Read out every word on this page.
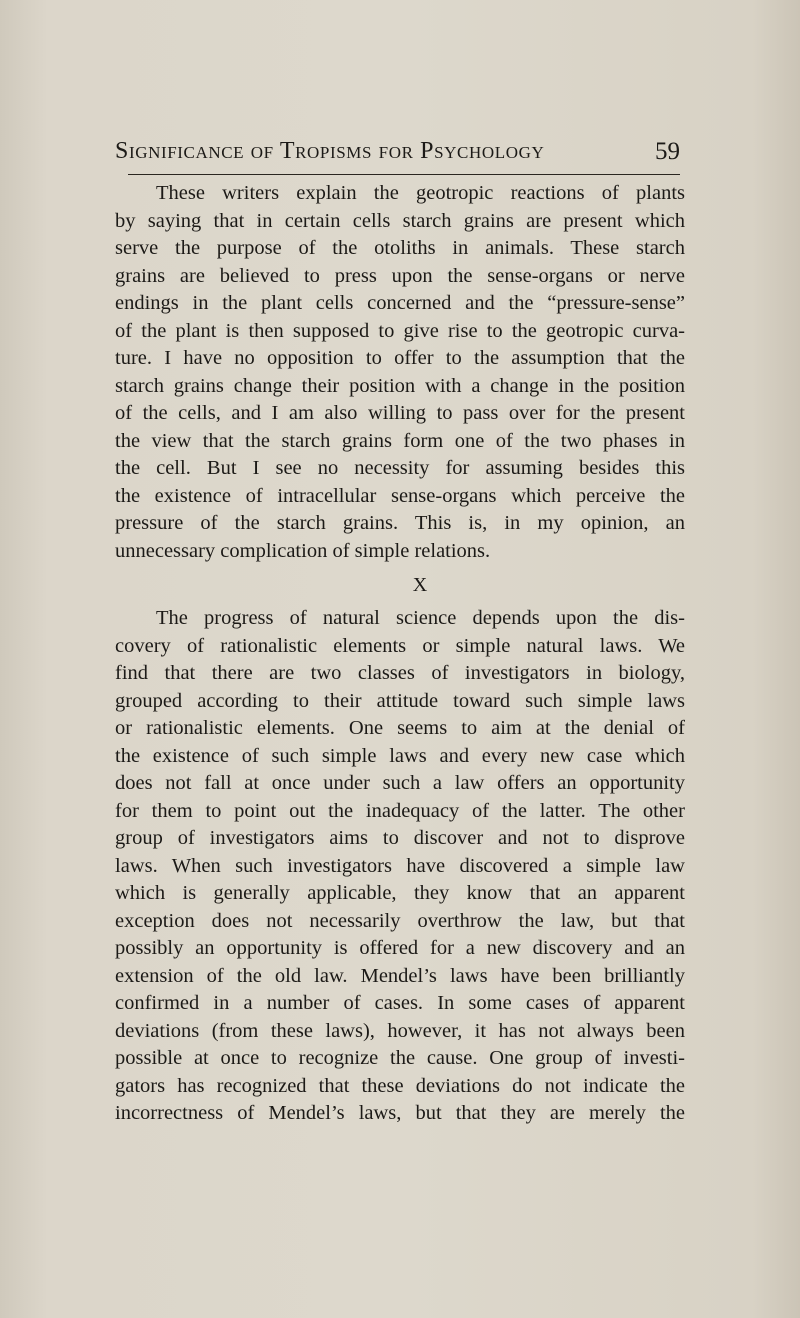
Significance of Tropisms for Psychology	59
These writers explain the geotropic reactions of plants
by saying that in certain cells starch grains are present which
serve the purpose of the otoliths in animals. These starch
grains are believed to press upon the sense-organs or nerve
endings in the plant cells concerned and the “pressure-sense”
of the plant is then supposed to give rise to the geotropic curva-
ture. I have no opposition to offer to the assumption that the
starch grains change their position with a change in the position
of the cells, and I am also willing to pass over for the present
the view that the starch grains form one of the two phases in
the cell. But I see no necessity for assuming besides this
the existence of intracellular sense-organs which perceive the
pressure of the starch grains. This is, in my opinion, an
unnecessary complication of simple relations.
X
The progress of natural science depends upon the dis-
covery of rationalistic elements or simple natural laws. We
find that there are two classes of investigators in biology,
grouped according to their attitude toward such simple laws
or rationalistic elements. One seems to aim at the denial of
the existence of such simple laws and every new case which
does not fall at once under such a law offers an opportunity
for them to point out the inadequacy of the latter. The other
group of investigators aims to discover and not to disprove
laws. When such investigators have discovered a simple law
which is generally applicable, they know that an apparent
exception does not necessarily overthrow the law, but that
possibly an opportunity is offered for a new discovery and an
extension of the old law. Mendel’s laws have been brilliantly
confirmed in a number of cases. In some cases of apparent
deviations (from these laws), however, it has not always been
possible at once to recognize the cause. One group of investi-
gators has recognized that these deviations do not indicate the
incorrectness of Mendel’s laws, but that they are merely the
